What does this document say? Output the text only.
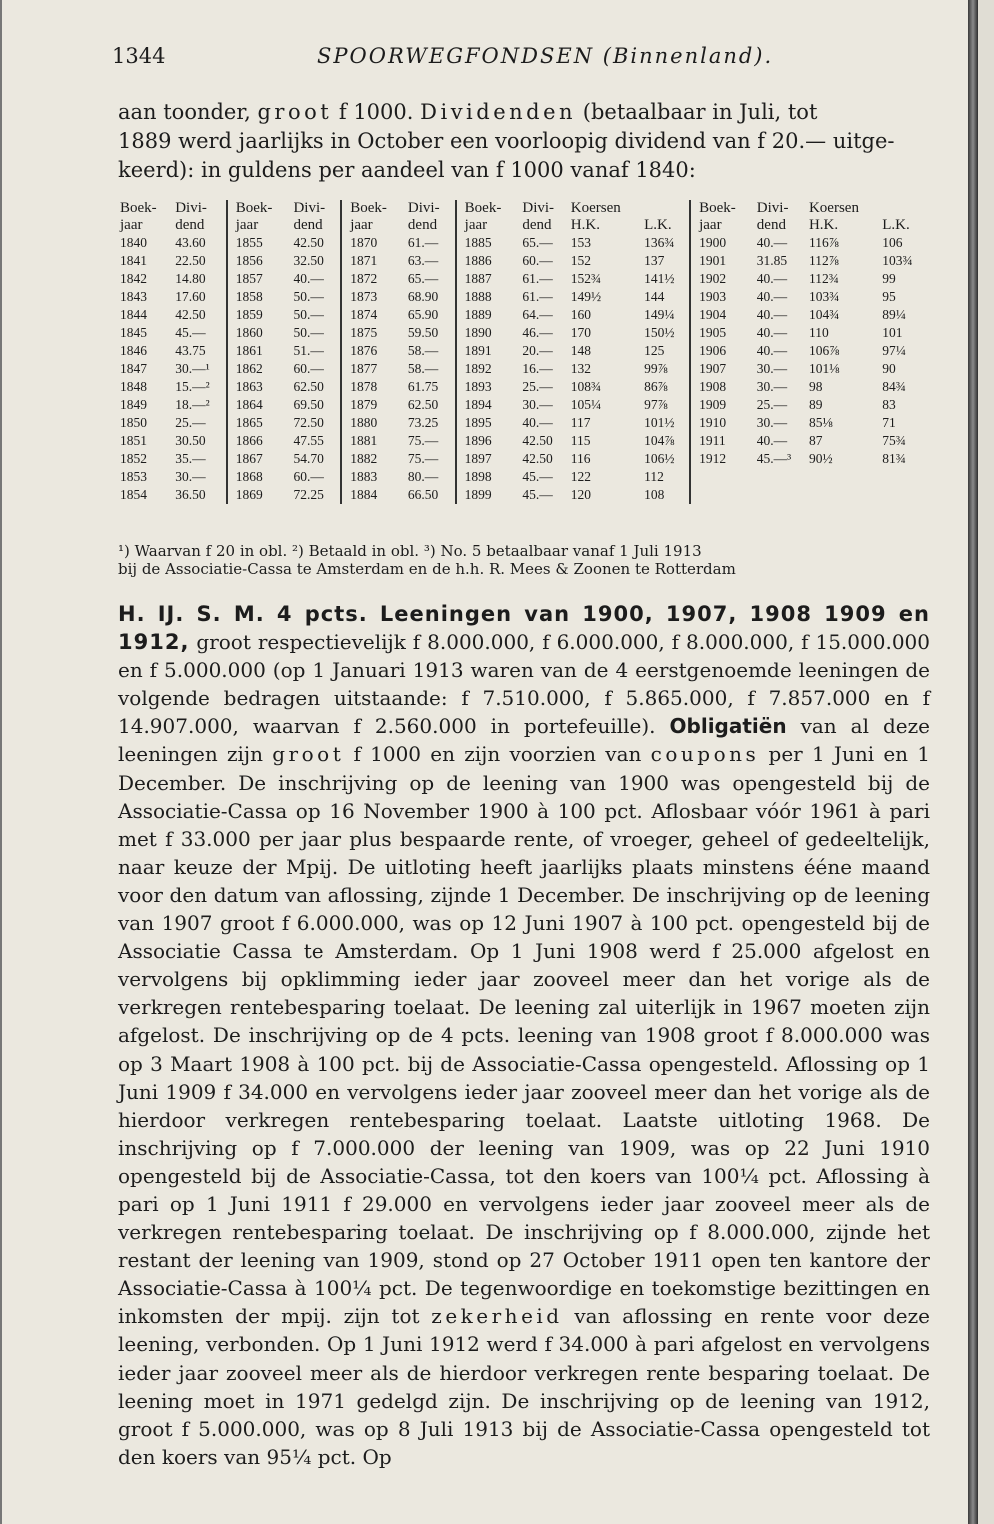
1344	SPOORWEGFONDSEN (Binnenland).
aan toonder, groot f 1000. Dividenden (betaalbaar in Juli, tot
1889 werd jaarlijks in October een voorloopig dividend van f 20.— uitge-
keerd): in guldens per aandeel van f 1000 vanaf 1840:
Boek-	Divi-	Boek-	Divi-	Boek-	Divi-	Boek-	Divi-	Koersen		Boek-	Divi-	Koersen	
jaar	dend	jaar	dend	jaar	dend	jaar	dend	H.K.	L.K.	jaar	dend	H.K.	L.K.
1840	43.60	1855	42.50	1870	61.—	1885	65.—	153	136¾	1900	40.—	116⅞	106
1841	22.50	1856	32.50	1871	63.—	1886	60.—	152	137	1901	31.85	112⅞	103¾
1842	14.80	1857	40.—	1872	65.—	1887	61.—	152¾	141½	1902	40.—	112¾	99
1843	17.60	1858	50.—	1873	68.90	1888	61.—	149½	144	1903	40.—	103¾	95
1844	42.50	1859	50.—	1874	65.90	1889	64.—	160	149¼	1904	40.—	104¾	89¼
1845	45.—	1860	50.—	1875	59.50	1890	46.—	170	150½	1905	40.—	110	101
1846	43.75	1861	51.—	1876	58.—	1891	20.—	148	125	1906	40.—	106⅞	97¼
1847	30.—¹	1862	60.—	1877	58.—	1892	16.—	132	99⅞	1907	30.—	101⅛	90
1848	15.—²	1863	62.50	1878	61.75	1893	25.—	108¾	86⅞	1908	30.—	98	84¾
1849	18.—²	1864	69.50	1879	62.50	1894	30.—	105¼	97⅞	1909	25.—	89	83
1850	25.—	1865	72.50	1880	73.25	1895	40.—	117	101½	1910	30.—	85⅛	71
1851	30.50	1866	47.55	1881	75.—	1896	42.50	115	104⅞	1911	40.—	87	75¾
1852	35.—	1867	54.70	1882	75.—	1897	42.50	116	106½	1912	45.—³	90½	81¾
1853	30.—	1868	60.—	1883	80.—	1898	45.—	122	112				
1854	36.50	1869	72.25	1884	66.50	1899	45.—	120	108				
¹) Waarvan f 20 in obl. ²) Betaald in obl. ³) No. 5 betaalbaar vanaf 1 Juli 1913
bij de Associatie-Cassa te Amsterdam en de h.h. R. Mees & Zoonen te Rotterdam
H. IJ. S. M. 4 pcts. Leeningen van 1900, 1907, 1908 1909 en 1912, groot respectievelijk f 8.000.000, f 6.000.000, f 8.000.000, f 15.000.000 en f 5.000.000 (op 1 Januari 1913 waren van de 4 eerstgenoemde leeningen de volgende bedragen uitstaande: f 7.510.000, f 5.865.000, f 7.857.000 en f 14.907.000, waarvan f 2.560.000 in portefeuille). Obligatiën van al deze leeningen zijn groot f 1000 en zijn voorzien van coupons per 1 Juni en 1 December. De inschrijving op de leening van 1900 was opengesteld bij de Associatie-Cassa op 16 November 1900 à 100 pct. Aflosbaar vóór 1961 à pari met f 33.000 per jaar plus bespaarde rente, of vroeger, geheel of gedeeltelijk, naar keuze der Mpij. De uitloting heeft jaarlijks plaats minstens ééne maand voor den datum van aflossing, zijnde 1 December. De inschrijving op de leening van 1907 groot f 6.000.000, was op 12 Juni 1907 à 100 pct. opengesteld bij de Associatie Cassa te Amsterdam. Op 1 Juni 1908 werd f 25.000 afgelost en vervolgens bij opklimming ieder jaar zooveel meer dan het vorige als de verkregen rentebesparing toelaat. De leening zal uiterlijk in 1967 moeten zijn afgelost. De inschrijving op de 4 pcts. leening van 1908 groot f 8.000.000 was op 3 Maart 1908 à 100 pct. bij de Associatie-Cassa opengesteld. Aflossing op 1 Juni 1909 f 34.000 en vervolgens ieder jaar zooveel meer dan het vorige als de hierdoor verkregen rentebesparing toelaat. Laatste uitloting 1968. De inschrijving op f 7.000.000 der leening van 1909, was op 22 Juni 1910 opengesteld bij de Associatie-Cassa, tot den koers van 100¼ pct. Aflossing à pari op 1 Juni 1911 f 29.000 en vervolgens ieder jaar zooveel meer als de verkregen rentebesparing toelaat. De inschrijving op f 8.000.000, zijnde het restant der leening van 1909, stond op 27 October 1911 open ten kantore der Associatie-Cassa à 100¼ pct. De tegenwoordige en toekomstige bezittingen en inkomsten der mpij. zijn tot zekerheid van aflossing en rente voor deze leening, verbonden. Op 1 Juni 1912 werd f 34.000 à pari afgelost en vervolgens ieder jaar zooveel meer als de hierdoor verkregen rente besparing toelaat. De leening moet in 1971 gedelgd zijn. De inschrijving op de leening van 1912, groot f 5.000.000, was op 8 Juli 1913 bij de Associatie-Cassa opengesteld tot den koers van 95¼ pct. Op
